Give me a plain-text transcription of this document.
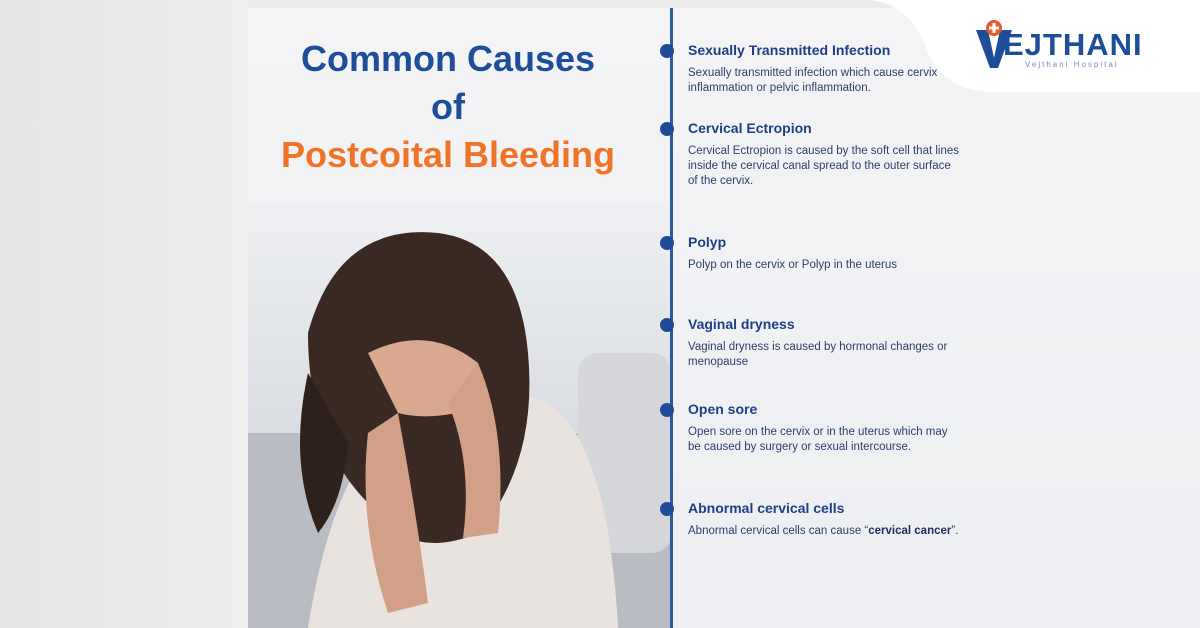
Common Causes
of
Postcoital Bleeding
Sexually Transmitted Infection

Sexually transmitted infection which cause cervix inflammation or pelvic inflammation.

Cervical Ectropion

Cervical Ectropion is caused by the soft cell that lines inside the cervical canal spread to the outer surface of the cervix.

Polyp

Polyp on the cervix or Polyp in the uterus

Vaginal dryness

Vaginal dryness is caused by hormonal changes or menopause

Open sore

Open sore on the cervix or in the uterus which may be caused by surgery or sexual intercourse.

Abnormal cervical cells

Abnormal cervical cells can cause “cervical cancer”.

EJTHANI
Vejthani Hospital
